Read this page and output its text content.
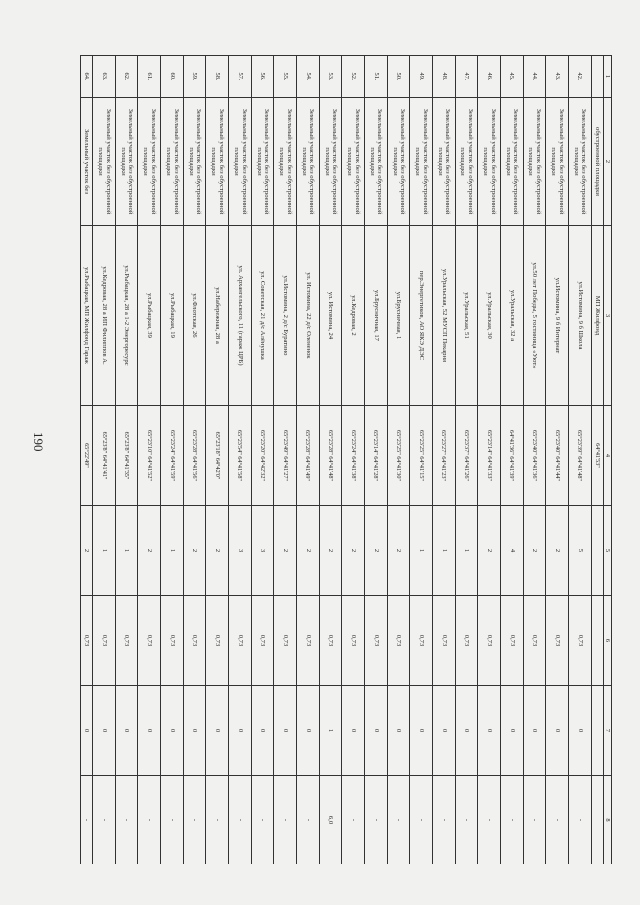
190
1	2	3	4	5	6	7	8
	обустроенной площадки	МП Жилфонд	64°41'53"				
42.	Земельный участок без обустроенной площадки	ул.Истомина, 9 б Школа	65°23'39" 64°41'48"	5	0,73	0	-
43.	Земельный участок без обустроенной площадки	ул.Истомина, 9 б Интернат	65°23'40" 64°41'44"	2	0,73	0	-
44.	Земельный участок без обустроенной площадки	ул.50 лет Победы, 5 гостиница «Уют»	65°23'40" 64°41'36"	2	0,73	0	-
45.	Земельный участок без обустроенной площадки	ул.Уральская, 32 а	64°41'36" 64°41'39"	4	0,73	0	-
46.	Земельный участок без обустроенной площадки	ул.Уральская, 30	65°23'14" 64°41'33"	2	0,73	0	-
47.	Земельный участок без обустроенной площадки	ул.Уральская, 51	65°23'37" 64°41'26"	1	0,73	0	-
48.	Земельный участок без обустроенной площадки	ул.Уральская, 52 МУСП Пекарня	65°23'27" 64°41'23"	1	0,73	0	-
49.	Земельный участок без обустроенной площадки	пер.Энергетиков, АО ЯКЭ ДЭС	65°23'25" 64°41'15"	1	0,73	0	-
50.	Земельный участок без обустроенной площадки	ул.Брусничная, 1	65°23'25" 64°41'30"	2	0,73	0	-
51.	Земельный участок без обустроенной площадки	ул.Брусничная, 17	65°23'14" 64°41'28"	2	0,73	0	-
52.	Земельный участок без обустроенной площадки	ул.Кедровая, 2	65°23'24" 64°41'38"	2	0,73	0	-
53.	Земельный участок без обустроенной площадки	ул. Истомина, 24	65°23'28" 64°41'48"	2	0,73	1	6,0
54.	Земельный участок без обустроенной площадки	ул. Истомина, 22 д/с Олененок	65°23'28" 64°41'49"	2	0,73	0	-
55.	Земельный участок без обустроенной площадки	ул.Истомина, 2 д/с Буратино	65°23'49" 64°41'27"	2	0,73	0	-
56.	Земельный участок без обустроенной площадки	ул. Советская, 21 д/с Алёнушка	65°23'20" 64°42'32"	3	0,73	0	-
57.	Земельный участок без обустроенной площадки	ул. Архангельского, 11 (гараж ЦРБ)	65°23'54" 64°41'58"	3	0,73	0	-
58.	Земельный участок без обустроенной площадки	ул.Набережная, 28 а	65°23'18" 64°42'0"	2	0,73	0	-
59.	Земельный участок без обустроенной площадки	ул.Флотская, 26	65°23'28" 64°41'56"	2	0,73	0	-
60.	Земельный участок без обустроенной площадки	ул.Рыбацкая, 19	65°23'24" 64°41'59"	1	0,73	0	-
61.	Земельный участок без обустроенной площадки	ул.Рыбацкая, 39	65°23'10" 64°41'52"	2	0,73	0	-
62.	Земельный участок без обустроенной площадки	ул.Рыбацкая, 28 а 1-2 Энергоресурс	65°23'8" 64°41'35"	1	0,73	0	-
63.	Земельный участок без обустроенной площадки	ул.Кедровая, 28 а ИП Филиппов А.	65°23'8" 64°41'41"	1	0,73	0	-
64.	Земельный участок без	ул.Рыбацкая, МП Жилфонд Гараж	65°22'49"	2	0,73	0	-
